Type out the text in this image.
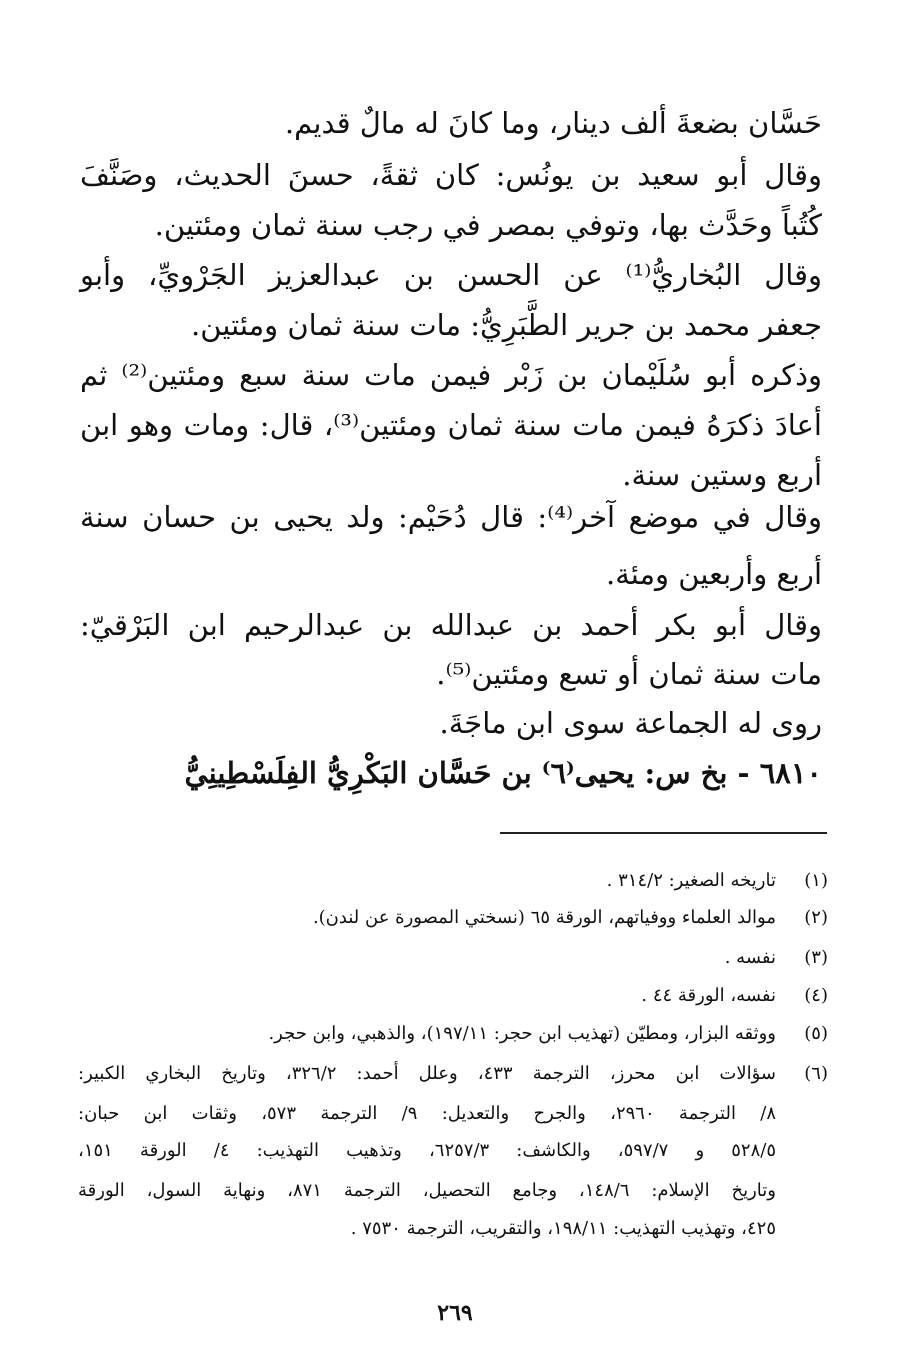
حَسَّان بضعةَ ألف دينار، وما كانَ له مالٌ قديم.
وقال أبو سعيد بن يونُس: كان ثقةً، حسنَ الحديث، وصَنَّفَ
كُتُباً وحَدَّث بها، وتوفي بمصر في رجب سنة ثمان ومئتين.
وقال البُخاريُّ⁽¹⁾ عن الحسن بن عبدالعزيز الجَرْويِّ، وأبو
جعفر محمد بن جرير الطَّبَرِيُّ: مات سنة ثمان ومئتين.
وذكره أبو سُلَيْمان بن زَبْر فيمن مات سنة سبع ومئتين⁽²⁾ ثم
أعادَ ذكرَهُ فيمن مات سنة ثمان ومئتين⁽³⁾، قال: ومات وهو ابن
أربع وستين سنة.
وقال في موضع آخر⁽⁴⁾: قال دُحَيْم: ولد يحيى بن حسان سنة
أربع وأربعين ومئة.
وقال أبو بكر أحمد بن عبدالله بن عبدالرحيم ابن البَرْقيّ:
مات سنة ثمان أو تسع ومئتين⁽⁵⁾.
روى له الجماعة سوى ابن ماجَةَ.
٦٨١٠ - بخ س: يحيى⁽٦⁾ بن حَسَّان البَكْرِيُّ الفِلَسْطِينِيُّ
(١)
تاريخه الصغير: ٣١٤/٢ .
(٢)
موالد العلماء ووفياتهم، الورقة ٦٥ (نسختي المصورة عن لندن).
(٣)
نفسه .
(٤)
نفسه، الورقة ٤٤ .
(٥)
ووثقه البزار، ومطيّن (تهذيب ابن حجر: ١٩٧/١١)، والذهبي، وابن حجر.
(٦)
سؤالات ابن محرز، الترجمة ٤٣٣، وعلل أحمد: ٣٢٦/٢، وتاريخ البخاري الكبير:
٨/ الترجمة ٢٩٦٠، والجرح والتعديل: ٩/ الترجمة ٥٧٣، وثقات ابن حبان:
٥٢٨/٥ و ٥٩٧/٧، والكاشف: ٦٢٥٧/٣، وتذهيب التهذيب: ٤/ الورقة ١٥١،
وتاريخ الإسلام: ١٤٨/٦، وجامع التحصيل، الترجمة ٨٧١، ونهاية السول، الورقة
٤٢٥، وتهذيب التهذيب: ١٩٨/١١، والتقريب، الترجمة ٧٥٣٠ .
٢٦٩
